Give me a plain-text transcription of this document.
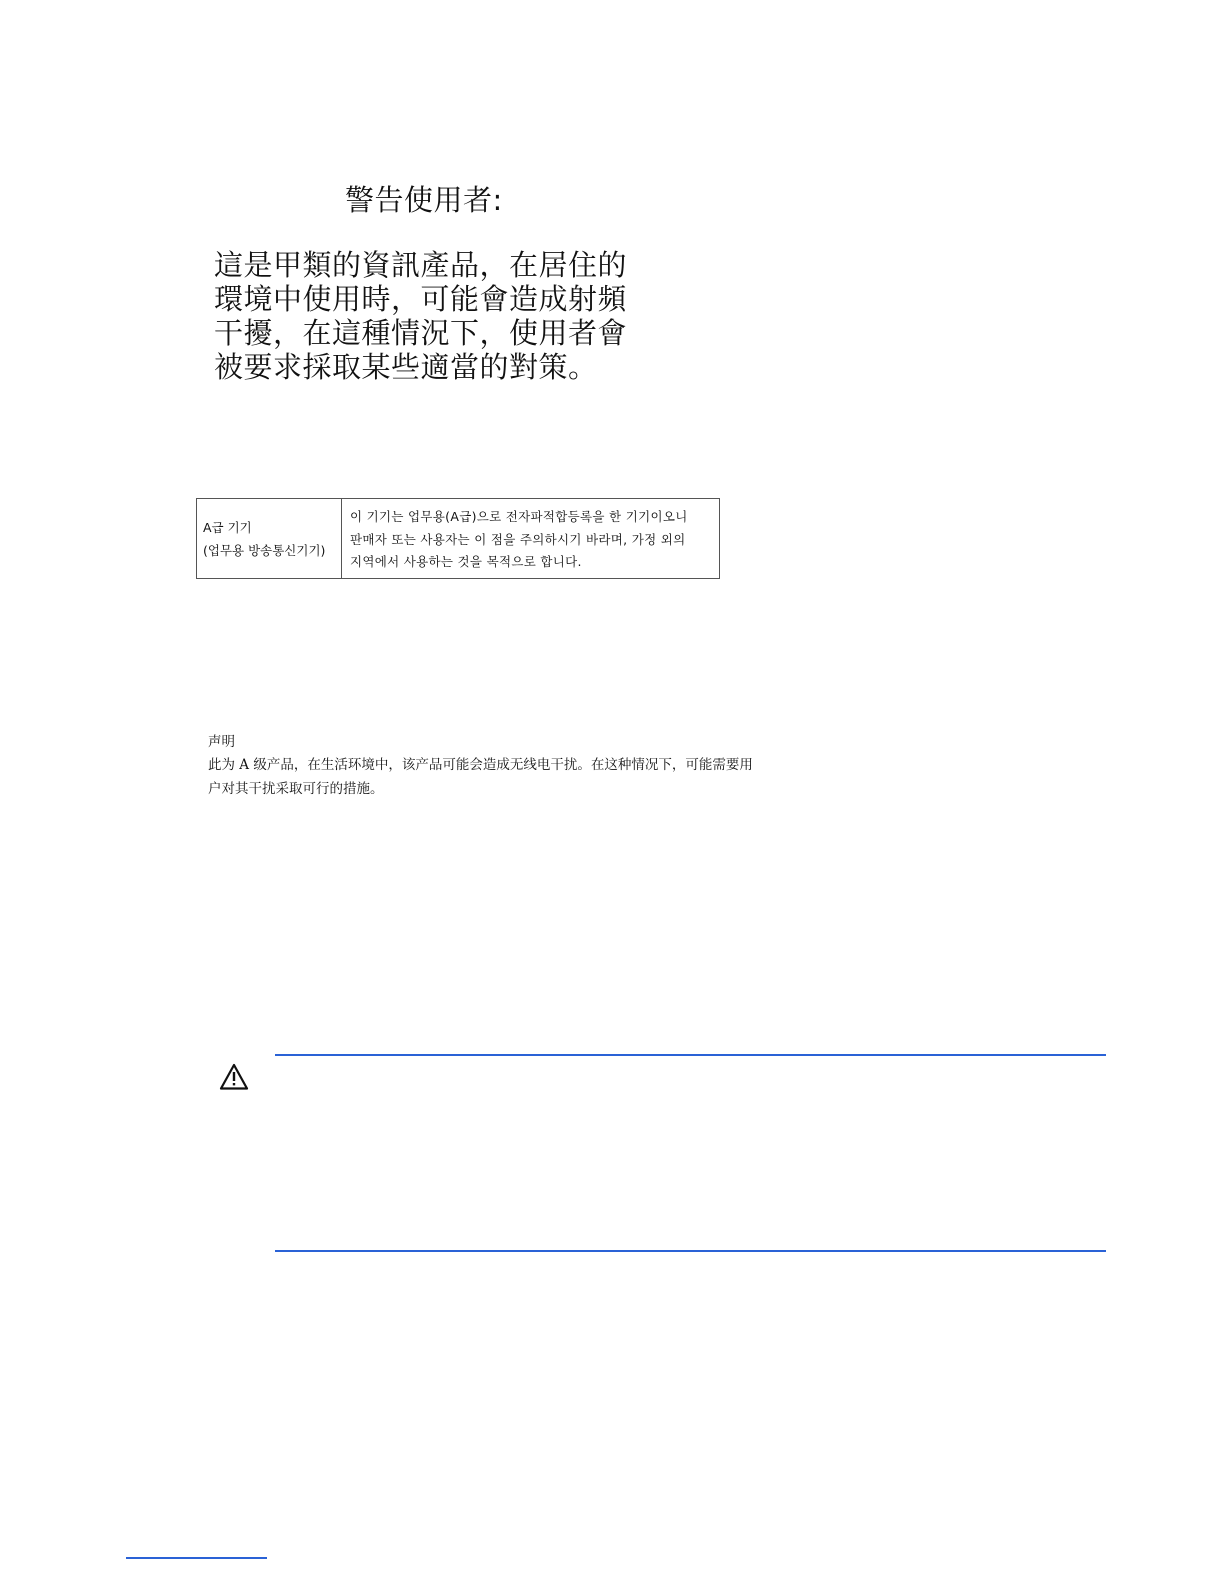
警告使用者:
這是甲類的資訊產品，在居住的
環境中使用時，可能會造成射頻
干擾，在這種情況下，使用者會
被要求採取某些適當的對策。
A급 기기
(업무용 방송통신기기)
이 기기는 업무용(A급)으로 전자파적합등록을 한 기기이오니
판매자 또는 사용자는 이 점을 주의하시기 바라며, 가정 외의
지역에서 사용하는 것을 목적으로 합니다.
声明
此为 A 级产品，在生活环境中，该产品可能会造成无线电干扰。在这种情况下，可能需要用
户对其干扰采取可行的措施。
